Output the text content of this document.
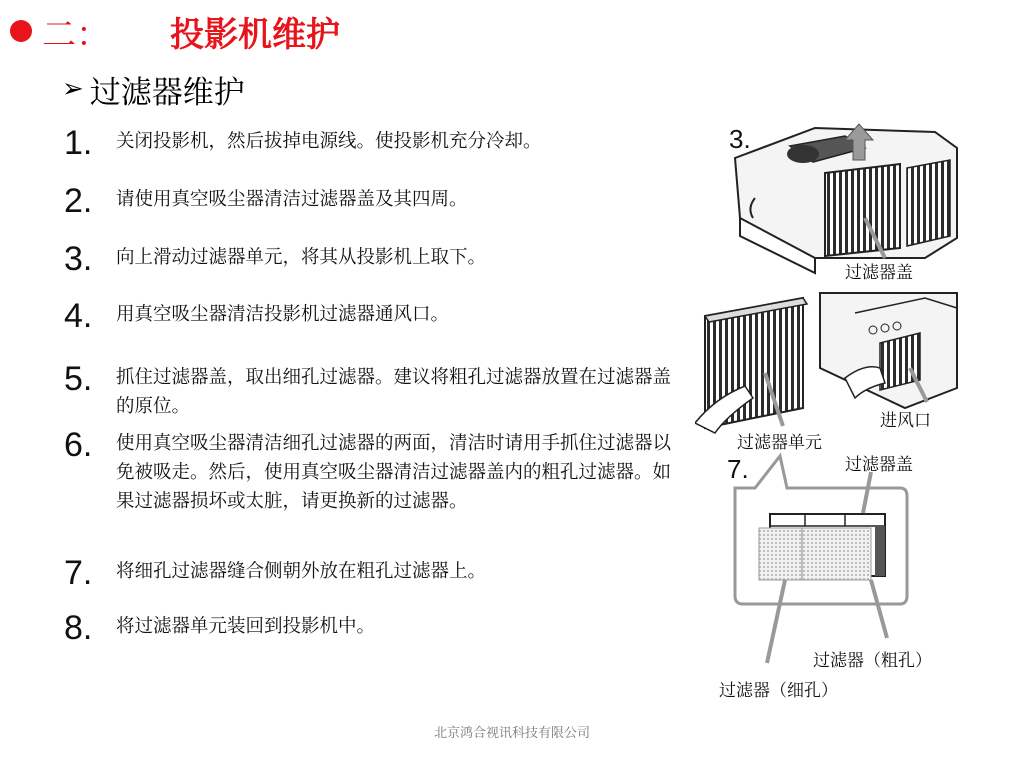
二： 投影机维护
➢ 过滤器维护
1.	关闭投影机，然后拔掉电源线。使投影机充分冷却。
2.	请使用真空吸尘器清洁过滤器盖及其四周。
3.	向上滑动过滤器单元，将其从投影机上取下。
4.	用真空吸尘器清洁投影机过滤器通风口。
5.	抓住过滤器盖，取出细孔过滤器。建议将粗孔过滤器放置在过滤器盖的原位。
6.	使用真空吸尘器清洁细孔过滤器的两面，清洁时请用手抓住过滤器以免被吸走。然后，使用真空吸尘器清洁过滤器盖内的粗孔过滤器。如果过滤器损坏或太脏，请更换新的过滤器。
7.	将细孔过滤器缝合侧朝外放在粗孔过滤器上。
8.	将过滤器单元装回到投影机中。
3.
过滤器盖
进风口
过滤器单元
7.	过滤器盖
过滤器（粗孔）
过滤器（细孔）
北京鸿合视讯科技有限公司
